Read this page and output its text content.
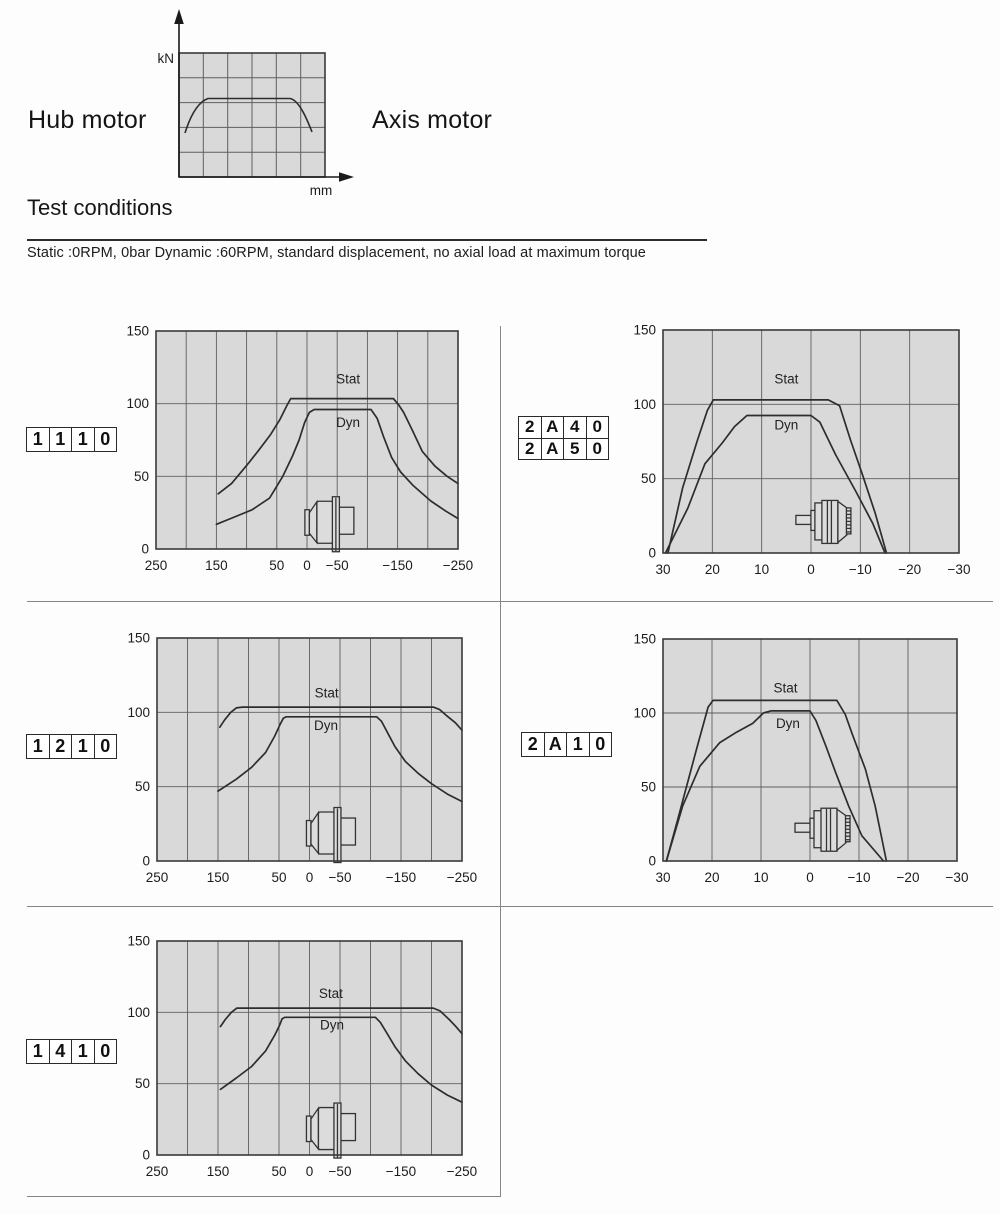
kN
mm
Hub motor	Axis motor
Test conditions
Static :0RPM, 0bar Dynamic :60RPM, standard displacement, no axial load at maximum torque
1 1 1 0
2 A 4 0
2 A 5 0
1 2 1 0	2 A 1 0
1 4 1 0
Stat
Dyn
0
50
100
150
250	150	50 0 −50 −150 −250
Stat
Dyn
0
50
100
150
30	20	10	0	−10 −20 −30
Stat
Dyn
0
50
100
150
250	150	50 0 −50	−150 −250
Stat
Dyn
0
50
100
150
30	20	10	0	−10 −20 −30
Stat
Dyn
0
50
100
150
250	150	50 0 −50	−150 −250
